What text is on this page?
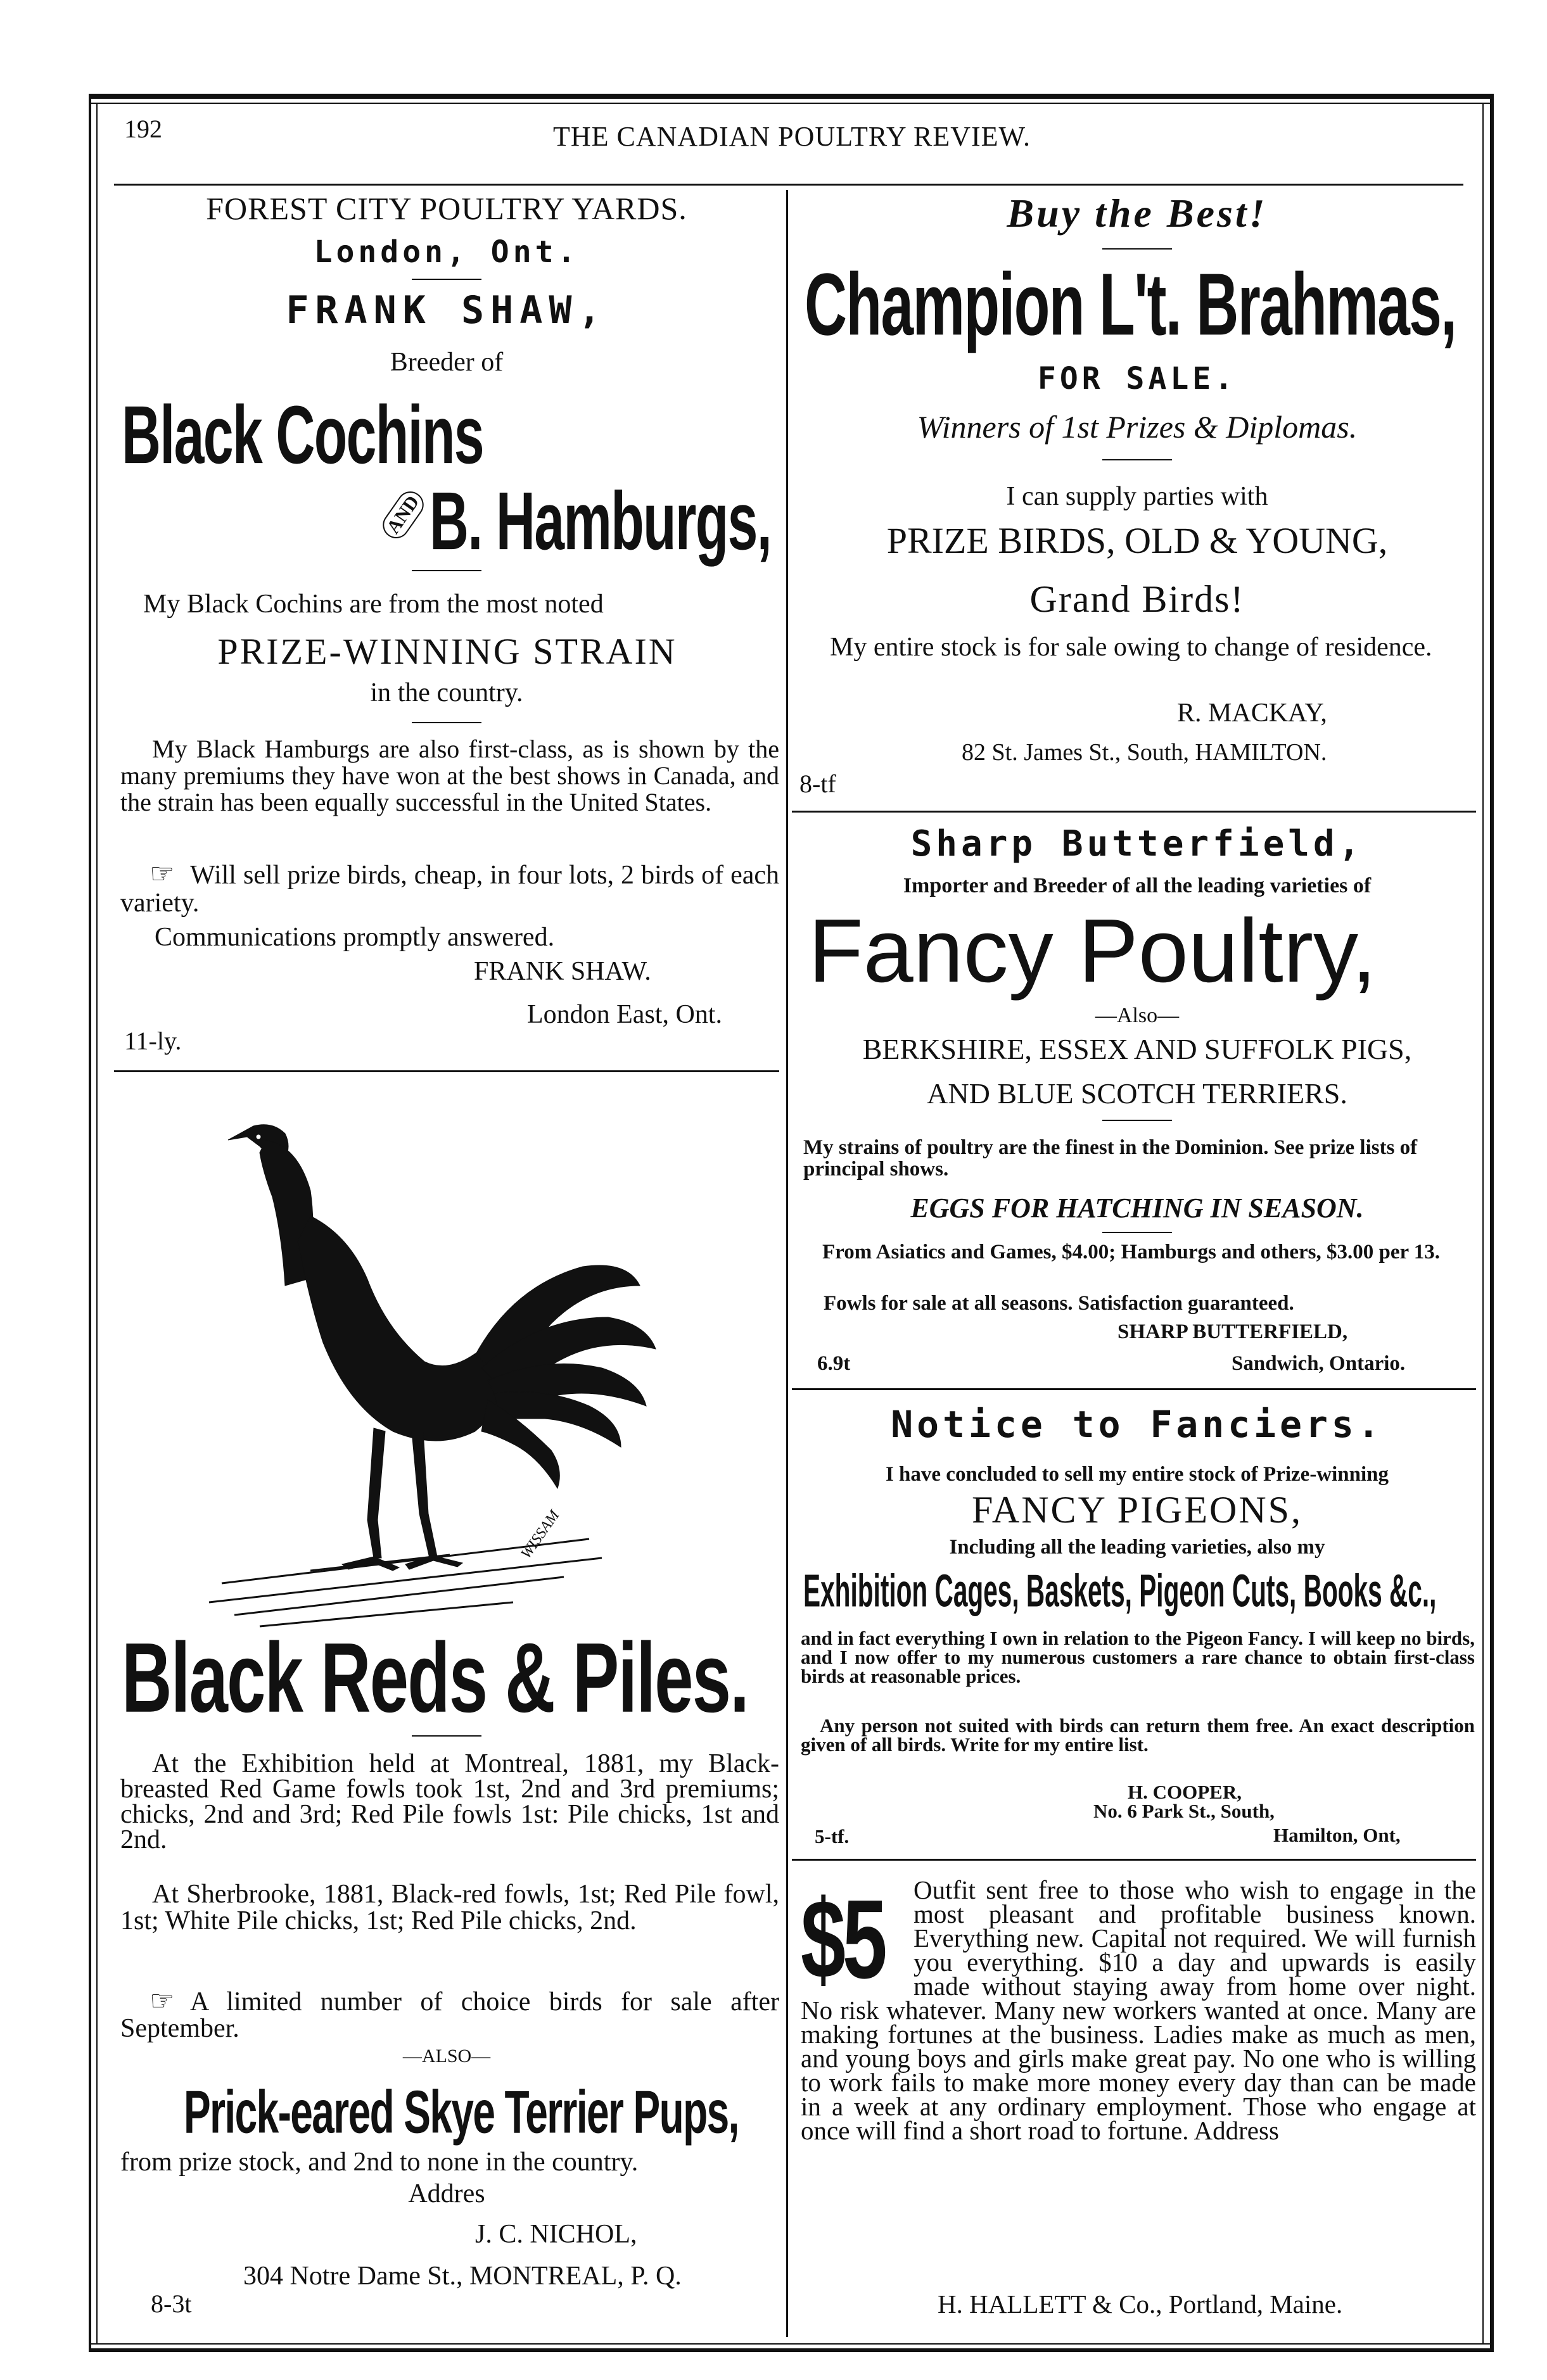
192	THE CANADIAN POULTRY REVIEW.
FOREST CITY POULTRY YARDS.
London, Ont.
FRANK SHAW,
Breeder of
Black Cochins
AND B. Hamburgs,
My Black Cochins are from the most noted
PRIZE-WINNING STRAIN
in the country.

My Black Hamburgs are also first-class, as is shown by the many premiums they have won at the best shows in Canada, and the strain has been equally successful in the United States.

☞ Will sell prize birds, cheap, in four lots, 2 birds of each variety.

Communications promptly answered.
FRANK SHAW.
London East, Ont.
11-ly.
WISSAM
Black Reds & Piles.

At the Exhibition held at Montreal, 1881, my Black-breasted Red Game fowls took 1st, 2nd and 3rd premiums; chicks, 2nd and 3rd; Red Pile fowls 1st: Pile chicks, 1st and 2nd.

At Sherbrooke, 1881, Black-red fowls, 1st; Red Pile fowl, 1st; White Pile chicks, 1st; Red Pile chicks, 2nd.

☞ A limited number of choice birds for sale after September.

—ALSO—
Prick-eared Skye Terrier Pups,
from prize stock, and 2nd to none in the country.
Addres
J. C. NICHOL,
304 Notre Dame St., MONTREAL, P. Q.
8-3t
Buy the Best!
Champion L't. Brahmas,
FOR SALE.
Winners of 1st Prizes & Diplomas.
I can supply parties with
PRIZE BIRDS, OLD & YOUNG,
Grand Birds!

My entire stock is for sale owing to change of residence.

R. MACKAY,
82 St. James St., South, HAMILTON.
8-tf
Sharp Butterfield,
Importer and Breeder of all the leading varieties of
Fancy Poultry,
—Also—
BERKSHIRE, ESSEX AND SUFFOLK PIGS,
AND BLUE SCOTCH TERRIERS.

My strains of poultry are the finest in the Dominion. See prize lists of principal shows.

EGGS FOR HATCHING IN SEASON.

From Asiatics and Games, $4.00; Hamburgs and others, $3.00 per 13.

Fowls for sale at all seasons. Satisfaction guaranteed.
SHARP BUTTERFIELD,
6.9t	Sandwich, Ontario.
Notice to Fanciers.
I have concluded to sell my entire stock of Prize-winning
FANCY PIGEONS,
Including all the leading varieties, also my
Exhibition Cages, Baskets, Pigeon Cuts, Books &c.,

and in fact everything I own in relation to the Pigeon Fancy. I will keep no birds, and I now offer to my numerous customers a rare chance to obtain first-class birds at reasonable prices.

Any person not suited with birds can return them free. An exact description given of all birds. Write for my entire list.

H. COOPER,
No. 6 Park St., South,
5-tf.	Hamilton, Ont,
$5	Outfit sent free to those who wish to engage in the most pleasant and profitable business known. Everything new. Capital not required. We will furnish you everything. $10 a day and upwards is easily made without staying away from home over night. No risk whatever. Many new workers wanted at once. Many are making fortunes at the business. Ladies make as much as men, and young boys and girls make great pay. No one who is willing to work fails to make more money every day than can be made in a week at any ordinary employment. Those who engage at once will find a short road to fortune. Address

H. HALLETT & Co., Portland, Maine.
